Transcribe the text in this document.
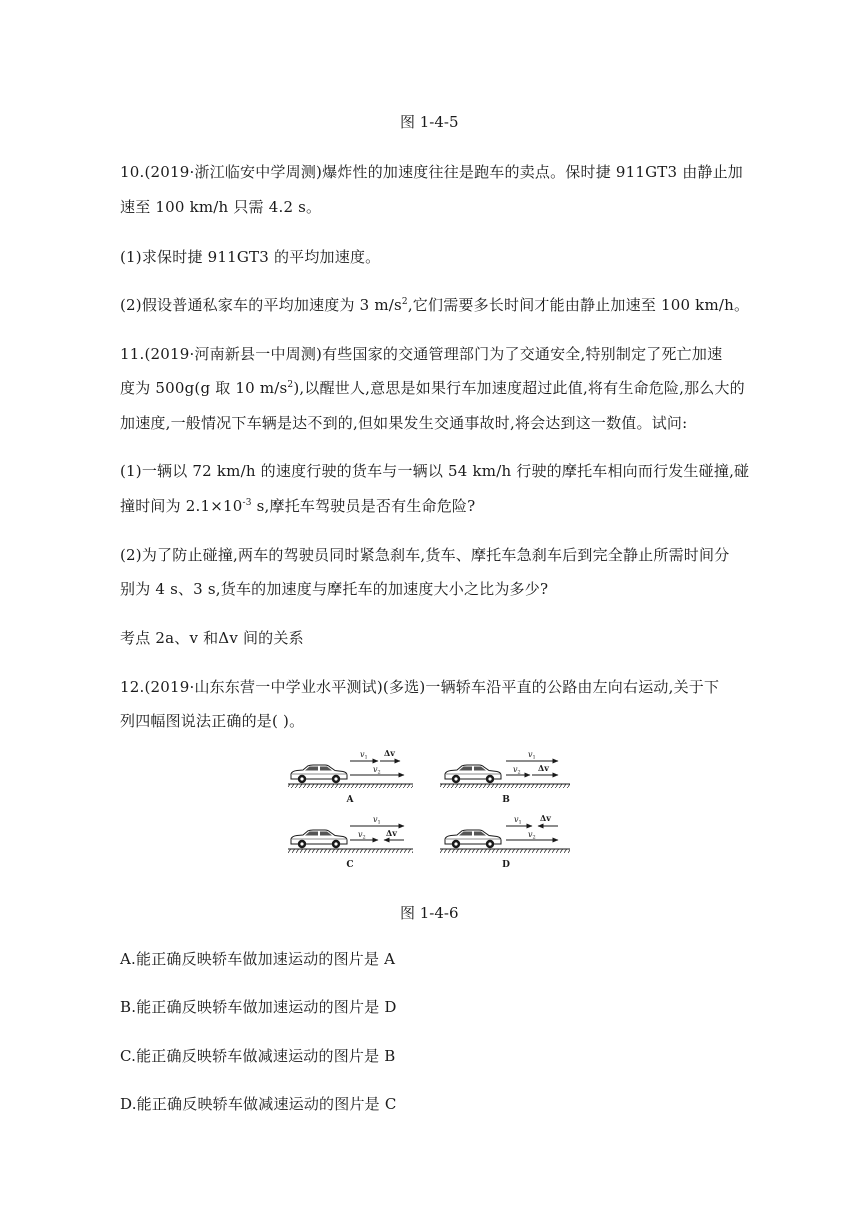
图 1-4-5
10.(2019·浙江临安中学周测)爆炸性的加速度往往是跑车的卖点。保时捷 911GT3 由静止加
速至 100 km/h 只需 4.2 s。
(1)求保时捷 911GT3 的平均加速度。
(2)假设普通私家车的平均加速度为 3 $m/s^2$,它们需要多长时间才能由静止加速至 100 km/h。
11.(2019·河南新县一中周测)有些国家的交通管理部门为了交通安全,特别制定了死亡加速
度为 500g(g 取 10 $m/s^2$),以醒世人,意思是如果行车加速度超过此值,将有生命危险,那么大的
加速度,一般情况下车辆是达不到的,但如果发生交通事故时,将会达到这一数值。试问:
(1)一辆以 72 km/h 的速度行驶的货车与一辆以 54 km/h 行驶的摩托车相向而行发生碰撞,碰
撞时间为 $2.1\times 10^{-3}$ s,摩托车驾驶员是否有生命危险?
(2)为了防止碰撞,两车的驾驶员同时紧急刹车,货车、摩托车急刹车后到完全静止所需时间分
别为 4 s、3 s,货车的加速度与摩托车的加速度大小之比为多少?
考点 2a、v 和Δv 间的关系
12.(2019·山东东营一中学业水平测试)(多选)一辆轿车沿平直的公路由左向右运动,关于下
列四幅图说法正确的是( )。
v1 Δv
v2
A
v1
v2 Δv
B
v1
v2	Δv
C
v1 Δv
v2
D
图 1-4-6
A.能正确反映轿车做加速运动的图片是 A
B.能正确反映轿车做加速运动的图片是 D
C.能正确反映轿车做减速运动的图片是 B
D.能正确反映轿车做减速运动的图片是 C
